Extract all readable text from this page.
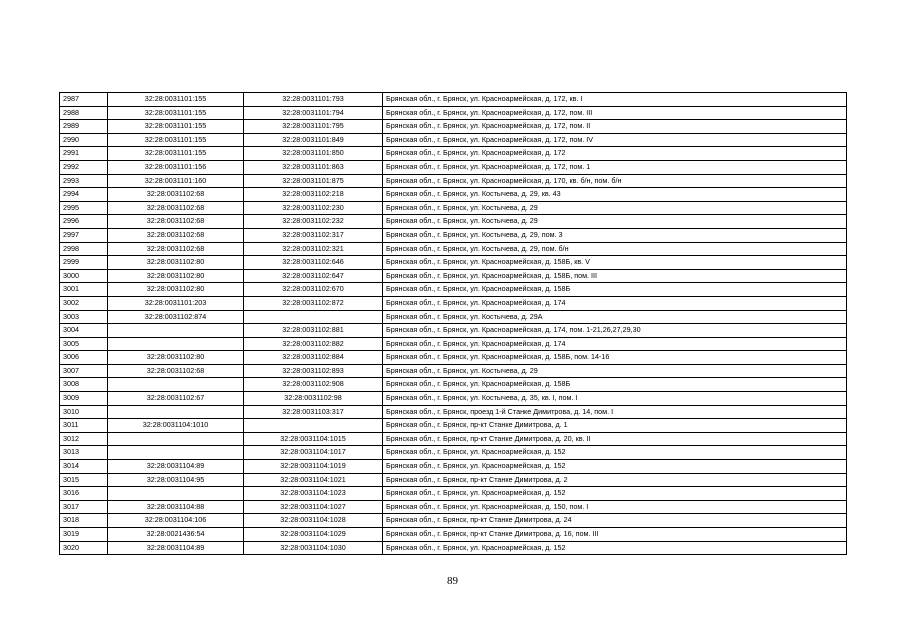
2987	32:28:0031101:155	32:28:0031101:793	Брянская обл., г. Брянск, ул. Красноармейская, д. 172, кв. I
2988	32:28:0031101:155	32:28:0031101:794	Брянская обл., г. Брянск, ул. Красноармейская, д. 172, пом. III
2989	32:28:0031101:155	32:28:0031101:795	Брянская обл., г. Брянск, ул. Красноармейская, д. 172, пом. II
2990	32:28:0031101:155	32:28:0031101:849	Брянская обл., г. Брянск, ул. Красноармейская, д. 172, пом. IV
2991	32:28:0031101:155	32:28:0031101:850	Брянская обл., г. Брянск, ул. Красноармейская, д. 172
2992	32:28:0031101:156	32:28:0031101:863	Брянская обл., г. Брянск, ул. Красноармейская, д. 172, пом. 1
2993	32:28:0031101:160	32:28:0031101:875	Брянская обл., г. Брянск, ул. Красноармейская, д. 170, кв. б/н, пом. б/н
2994	32:28:0031102:68	32:28:0031102:218	Брянская обл., г. Брянск, ул. Костычева, д. 29, кв. 43
2995	32:28:0031102:68	32:28:0031102:230	Брянская обл., г. Брянск, ул. Костычева, д. 29
2996	32:28:0031102:68	32:28:0031102:232	Брянская обл., г. Брянск, ул. Костычева, д. 29
2997	32:28:0031102:68	32:28:0031102:317	Брянская обл., г. Брянск, ул. Костычева, д. 29, пом. 3
2998	32:28:0031102:68	32:28:0031102:321	Брянская обл., г. Брянск, ул. Костычева, д. 29, пом. б/н
2999	32:28:0031102:80	32:28:0031102:646	Брянская обл., г. Брянск, ул. Красноармейская, д. 158Б, кв. V
3000	32:28:0031102:80	32:28:0031102:647	Брянская обл., г. Брянск, ул. Красноармейская, д. 158Б, пом. III
3001	32:28:0031102:80	32:28:0031102:670	Брянская обл., г. Брянск, ул. Красноармейская, д. 158Б
3002	32:28:0031101:203	32:28:0031102:872	Брянская обл., г. Брянск, ул. Красноармейская, д. 174
3003	32:28:0031102:874		Брянская обл., г. Брянск, ул. Костычева, д. 29А
3004		32:28:0031102:881	Брянская обл., г. Брянск, ул. Красноармейская, д. 174, пом. 1-21,26,27,29,30
3005		32:28:0031102:882	Брянская обл., г. Брянск, ул. Красноармейская, д. 174
3006	32:28:0031102:80	32:28:0031102:884	Брянская обл., г. Брянск, ул. Красноармейская, д. 158Б, пом. 14-16
3007	32:28:0031102:68	32:28:0031102:893	Брянская обл., г. Брянск, ул. Костычева, д. 29
3008		32:28:0031102:908	Брянская обл., г. Брянск, ул. Красноармейская, д. 158Б
3009	32:28:0031102:67	32:28:0031102:98	Брянская обл., г. Брянск, ул. Костычева, д. 35, кв. I, пом. I
3010		32:28:0031103:317	Брянская обл., г. Брянск, проезд 1-й Станке Димитрова, д. 14, пом. I
3011	32:28:0031104:1010		Брянская обл., г. Брянск, пр-кт Станке Димитрова, д. 1
3012		32:28:0031104:1015	Брянская обл., г. Брянск, пр-кт Станке Димитрова, д. 20, кв. II
3013		32:28:0031104:1017	Брянская обл., г. Брянск, ул. Красноармейская, д. 152
3014	32:28:0031104:89	32:28:0031104:1019	Брянская обл., г. Брянск, ул. Красноармейская, д. 152
3015	32:28:0031104:95	32:28:0031104:1021	Брянская обл., г. Брянск, пр-кт Станке Димитрова, д. 2
3016		32:28:0031104:1023	Брянская обл., г. Брянск, ул. Красноармейская, д. 152
3017	32:28:0031104:88	32:28:0031104:1027	Брянская обл., г. Брянск, ул. Красноармейская, д. 150, пом. I
3018	32:28:0031104:106	32:28:0031104:1028	Брянская обл., г. Брянск, пр-кт Станке Димитрова, д. 24
3019	32:28:0021436:54	32:28:0031104:1029	Брянская обл., г. Брянск, пр-кт Станке Димитрова, д. 16, пом. III
3020	32:28:0031104:89	32:28:0031104:1030	Брянская обл., г. Брянск, ул. Красноармейская, д. 152
89
